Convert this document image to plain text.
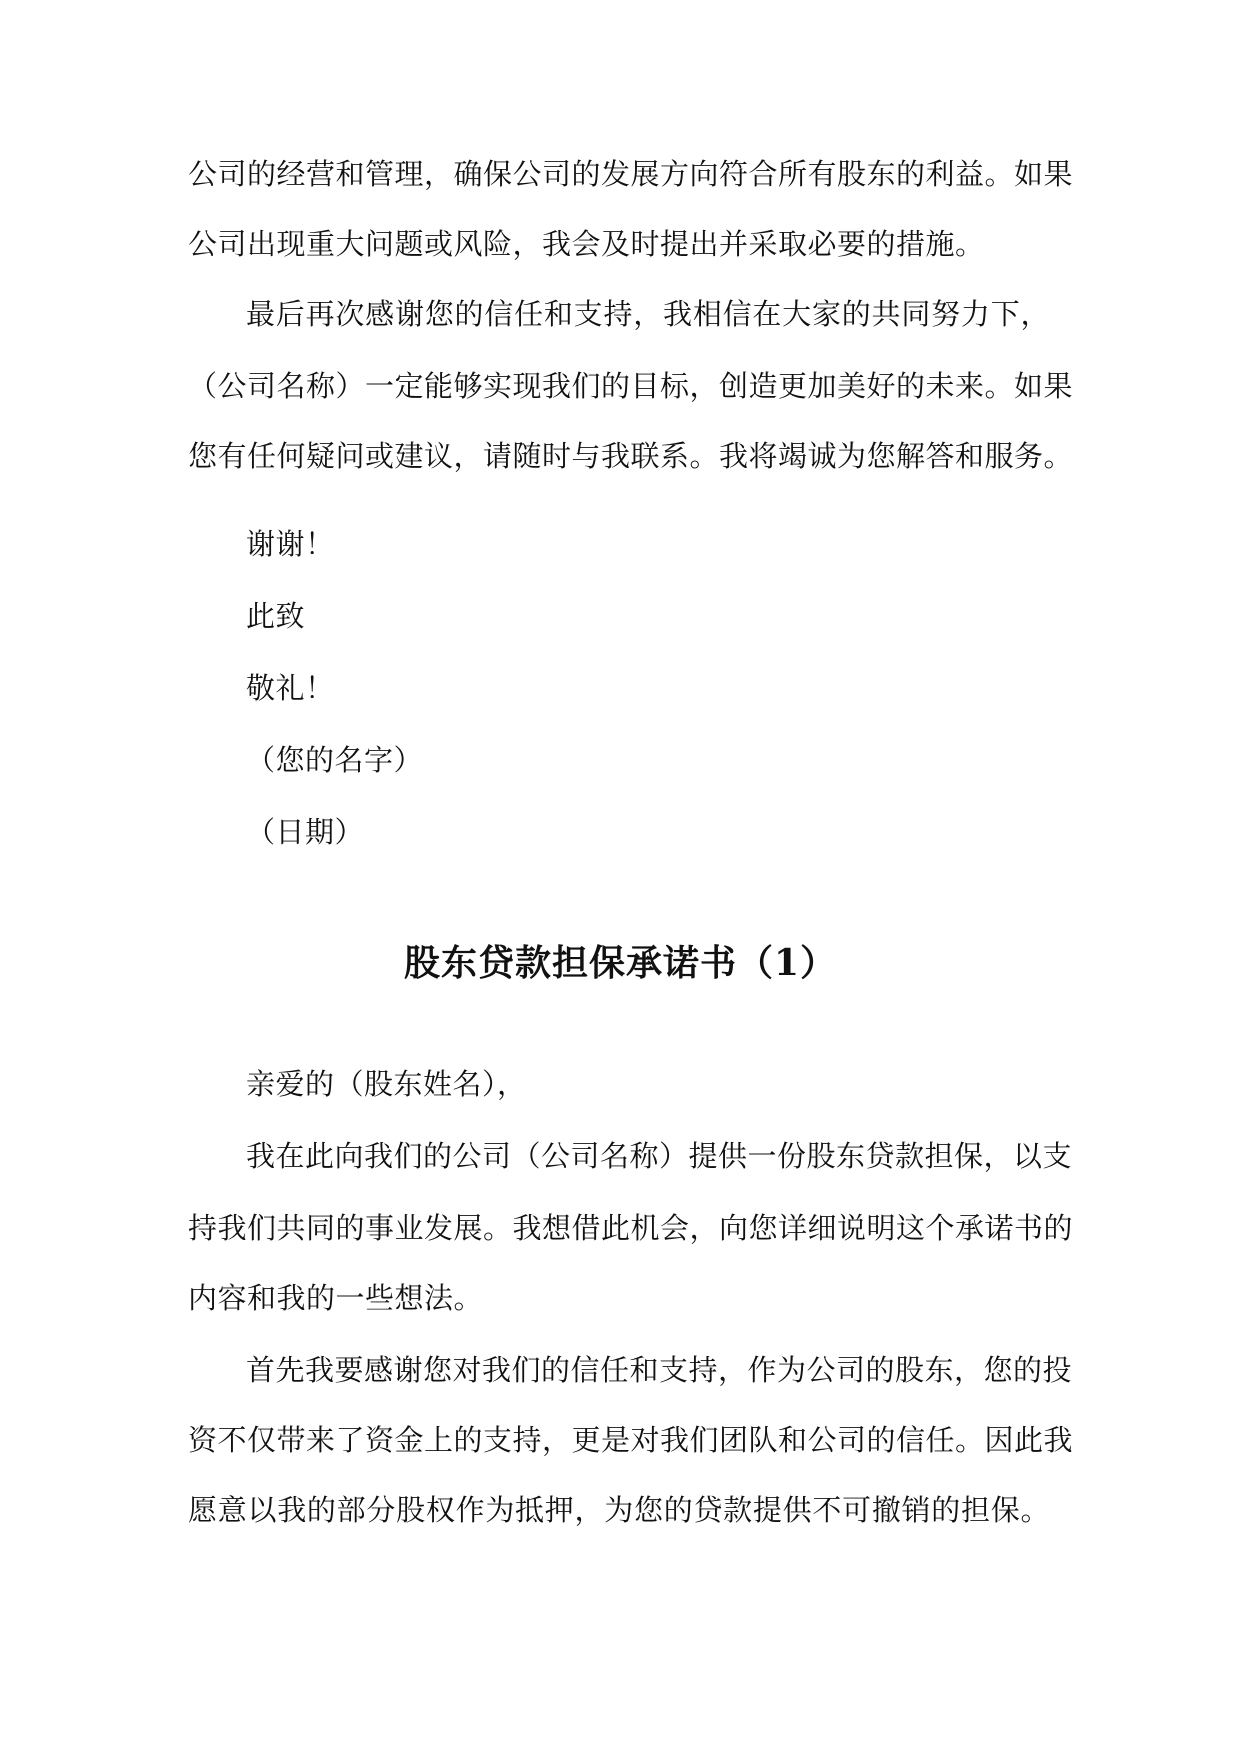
公司的经营和管理，确保公司的发展方向符合所有股东的利益。如果
公司出现重大问题或风险，我会及时提出并采取必要的措施。
最后再次感谢您的信任和支持，我相信在大家的共同努力下，
（公司名称）一定能够实现我们的目标，创造更加美好的未来。如果
您有任何疑问或建议，请随时与我联系。我将竭诚为您解答和服务。
谢谢！
此致
敬礼！
（您的名字）
（日期）
股东贷款担保承诺书（1）
亲爱的（股东姓名），
我在此向我们的公司（公司名称）提供一份股东贷款担保，以支
持我们共同的事业发展。我想借此机会，向您详细说明这个承诺书的
内容和我的一些想法。
首先我要感谢您对我们的信任和支持，作为公司的股东，您的投
资不仅带来了资金上的支持，更是对我们团队和公司的信任。因此我
愿意以我的部分股权作为抵押，为您的贷款提供不可撤销的担保。
